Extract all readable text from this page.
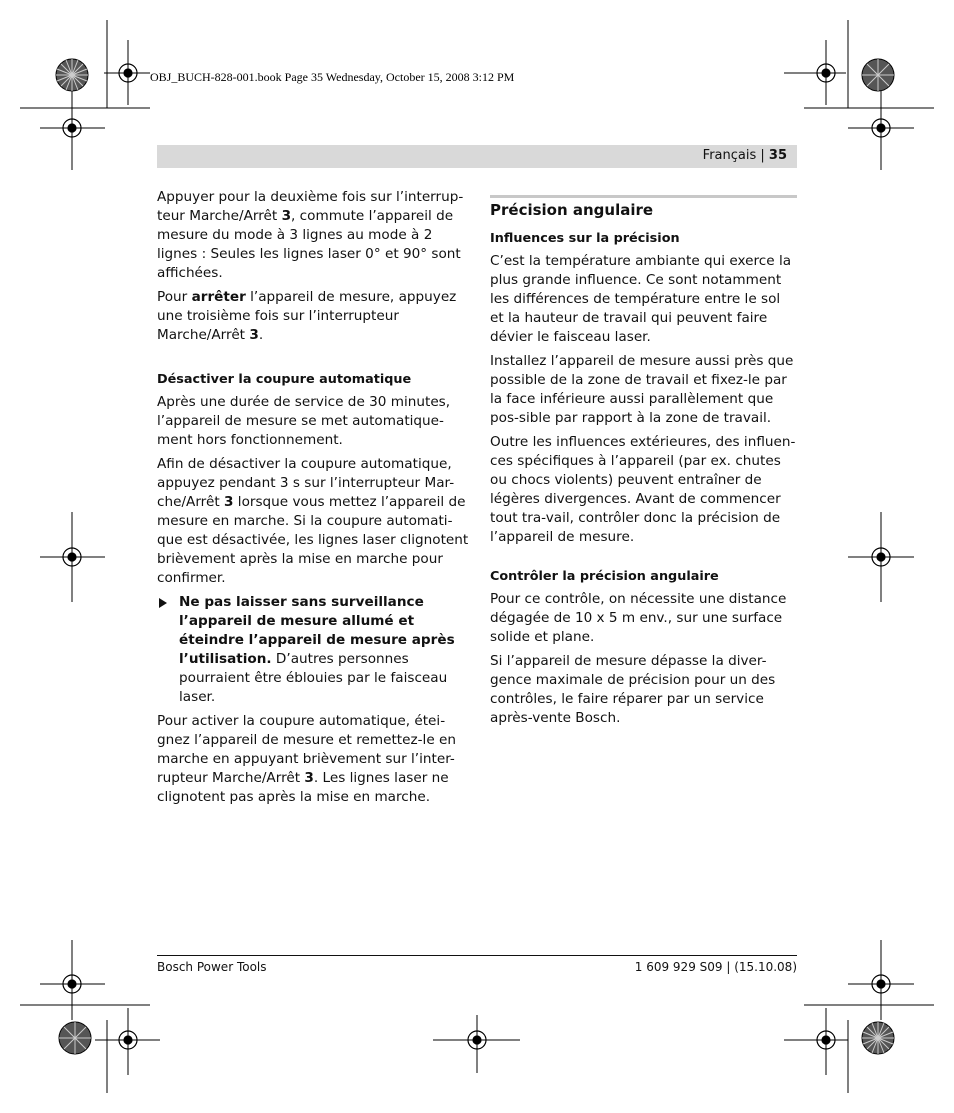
OBJ_BUCH-828-001.book Page 35 Wednesday, October 15, 2008 3:12 PM
Français | 35

Appuyer pour la deuxième fois sur l’interrup-teur Marche/Arrêt 3, commute l’appareil de mesure du mode à 3 lignes au mode à 2 lignes : Seules les lignes laser 0° et 90° sont affichées.

Pour arrêter l’appareil de mesure, appuyez une troisième fois sur l’interrupteur Marche/Arrêt 3.

Désactiver la coupure automatique

Après une durée de service de 30 minutes, l’appareil de mesure se met automatique-ment hors fonctionnement.

Afin de désactiver la coupure automatique, appuyez pendant 3 s sur l’interrupteur Mar-che/Arrêt 3 lorsque vous mettez l’appareil de mesure en marche. Si la coupure automati-que est désactivée, les lignes laser clignotent brièvement après la mise en marche pour confirmer.

Ne pas laisser sans surveillance l’appareil de mesure allumé et éteindre l’appareil de mesure après l’utilisation. D’autres personnes pourraient être éblouies par le faisceau laser.

Pour activer la coupure automatique, étei-gnez l’appareil de mesure et remettez-le en marche en appuyant brièvement sur l’inter-rupteur Marche/Arrêt 3. Les lignes laser ne clignotent pas après la mise en marche.

Précision angulaire
Influences sur la précision

C’est la température ambiante qui exerce la plus grande influence. Ce sont notamment les différences de température entre le sol et la hauteur de travail qui peuvent faire dévier le faisceau laser.

Installez l’appareil de mesure aussi près que possible de la zone de travail et fixez-le par la face inférieure aussi parallèlement que pos-sible par rapport à la zone de travail.

Outre les influences extérieures, des influen-ces spécifiques à l’appareil (par ex. chutes ou chocs violents) peuvent entraîner de légères divergences. Avant de commencer tout tra-vail, contrôler donc la précision de l’appareil de mesure.

Contrôler la précision angulaire

Pour ce contrôle, on nécessite une distance dégagée de 10 x 5 m env., sur une surface solide et plane.

Si l’appareil de mesure dépasse la diver-gence maximale de précision pour un des contrôles, le faire réparer par un service après-vente Bosch.

Bosch Power Tools	1 609 929 S09 | (15.10.08)
